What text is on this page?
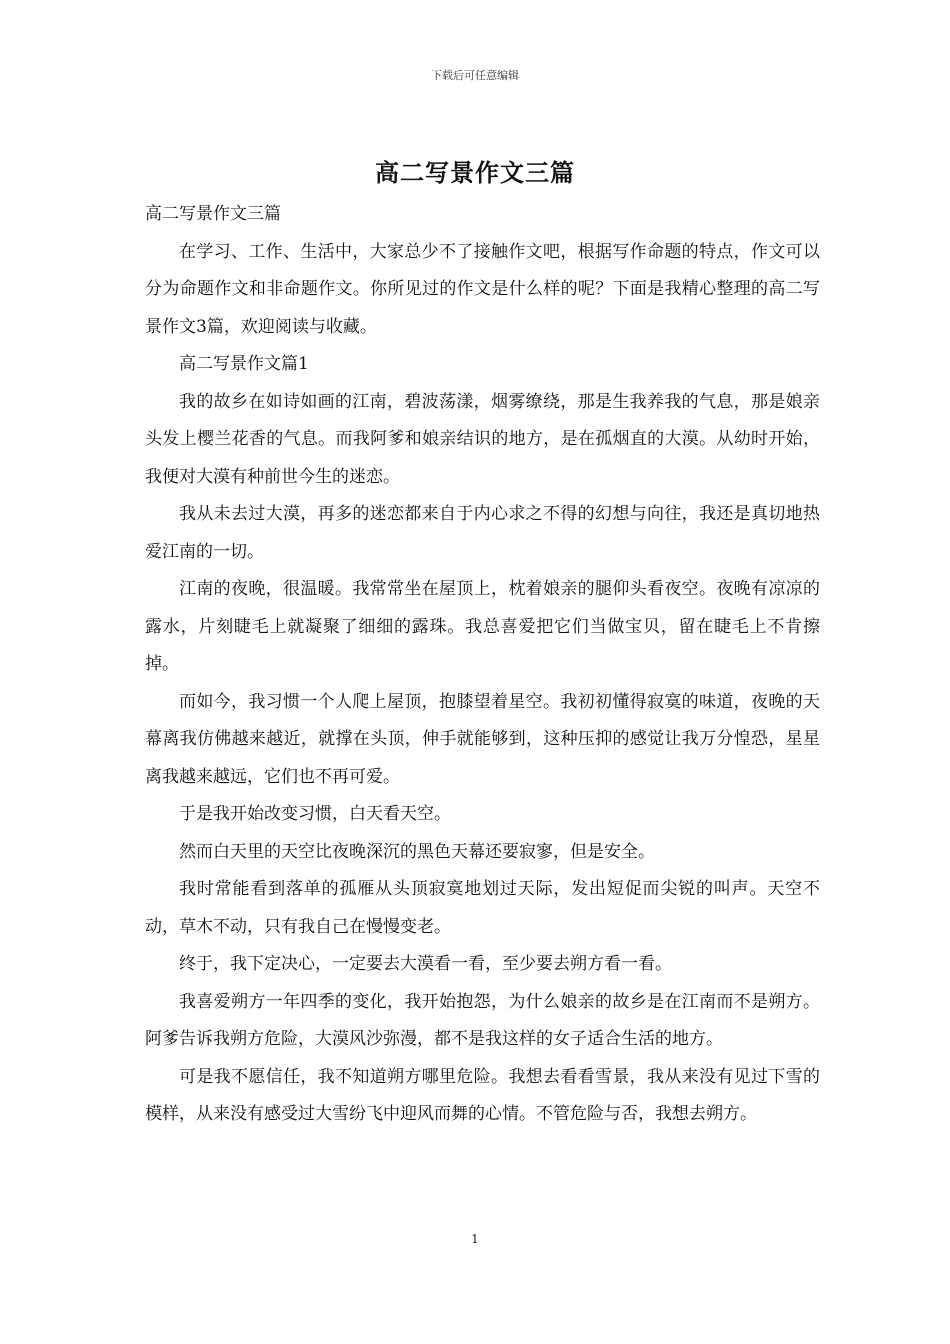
下载后可任意编辑
高二写景作文三篇

高二写景作文三篇

在学习、工作、生活中，大家总少不了接触作文吧，根据写作命题的特点，作文可以分为命题作文和非命题作文。你所见过的作文是什么样的呢？下面是我精心整理的高二写景作文3篇，欢迎阅读与收藏。

高二写景作文篇1

我的故乡在如诗如画的江南，碧波荡漾，烟雾缭绕，那是生我养我的气息，那是娘亲头发上樱兰花香的气息。而我阿爹和娘亲结识的地方，是在孤烟直的大漠。从幼时开始，我便对大漠有种前世今生的迷恋。

我从未去过大漠，再多的迷恋都来自于内心求之不得的幻想与向往，我还是真切地热爱江南的一切。

江南的夜晚，很温暖。我常常坐在屋顶上，枕着娘亲的腿仰头看夜空。夜晚有凉凉的露水，片刻睫毛上就凝聚了细细的露珠。我总喜爱把它们当做宝贝，留在睫毛上不肯擦掉。

而如今，我习惯一个人爬上屋顶，抱膝望着星空。我初初懂得寂寞的味道，夜晚的天幕离我仿佛越来越近，就撑在头顶，伸手就能够到，这种压抑的感觉让我万分惶恐，星星离我越来越远，它们也不再可爱。

于是我开始改变习惯，白天看天空。

然而白天里的天空比夜晚深沉的黑色天幕还要寂寥，但是安全。

我时常能看到落单的孤雁从头顶寂寞地划过天际，发出短促而尖锐的叫声。天空不动，草木不动，只有我自己在慢慢变老。

终于，我下定决心，一定要去大漠看一看，至少要去朔方看一看。

我喜爱朔方一年四季的变化，我开始抱怨，为什么娘亲的故乡是在江南而不是朔方。阿爹告诉我朔方危险，大漠风沙弥漫，都不是我这样的女子适合生活的地方。

可是我不愿信任，我不知道朔方哪里危险。我想去看看雪景，我从来没有见过下雪的模样，从来没有感受过大雪纷飞中迎风而舞的心情。不管危险与否，我想去朔方。

1
